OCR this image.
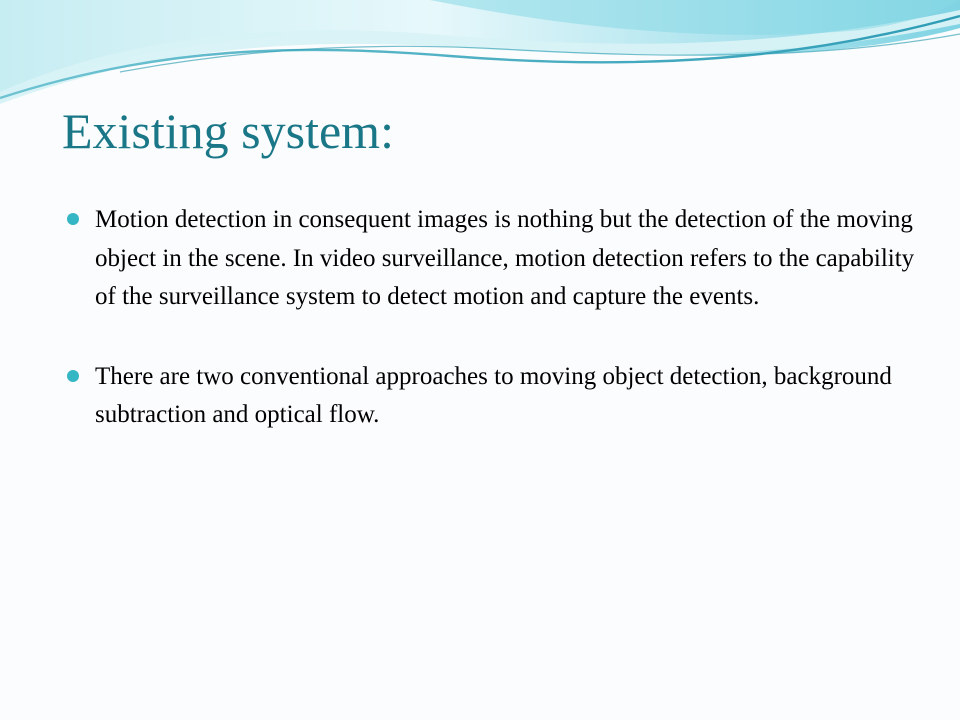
Existing system:
Motion detection in consequent images is nothing but the detection of the moving object in the scene. In video surveillance, motion detection refers to the capability of the surveillance system to detect motion and capture the events.
There are two conventional approaches to moving object detection, background subtraction and optical flow.
